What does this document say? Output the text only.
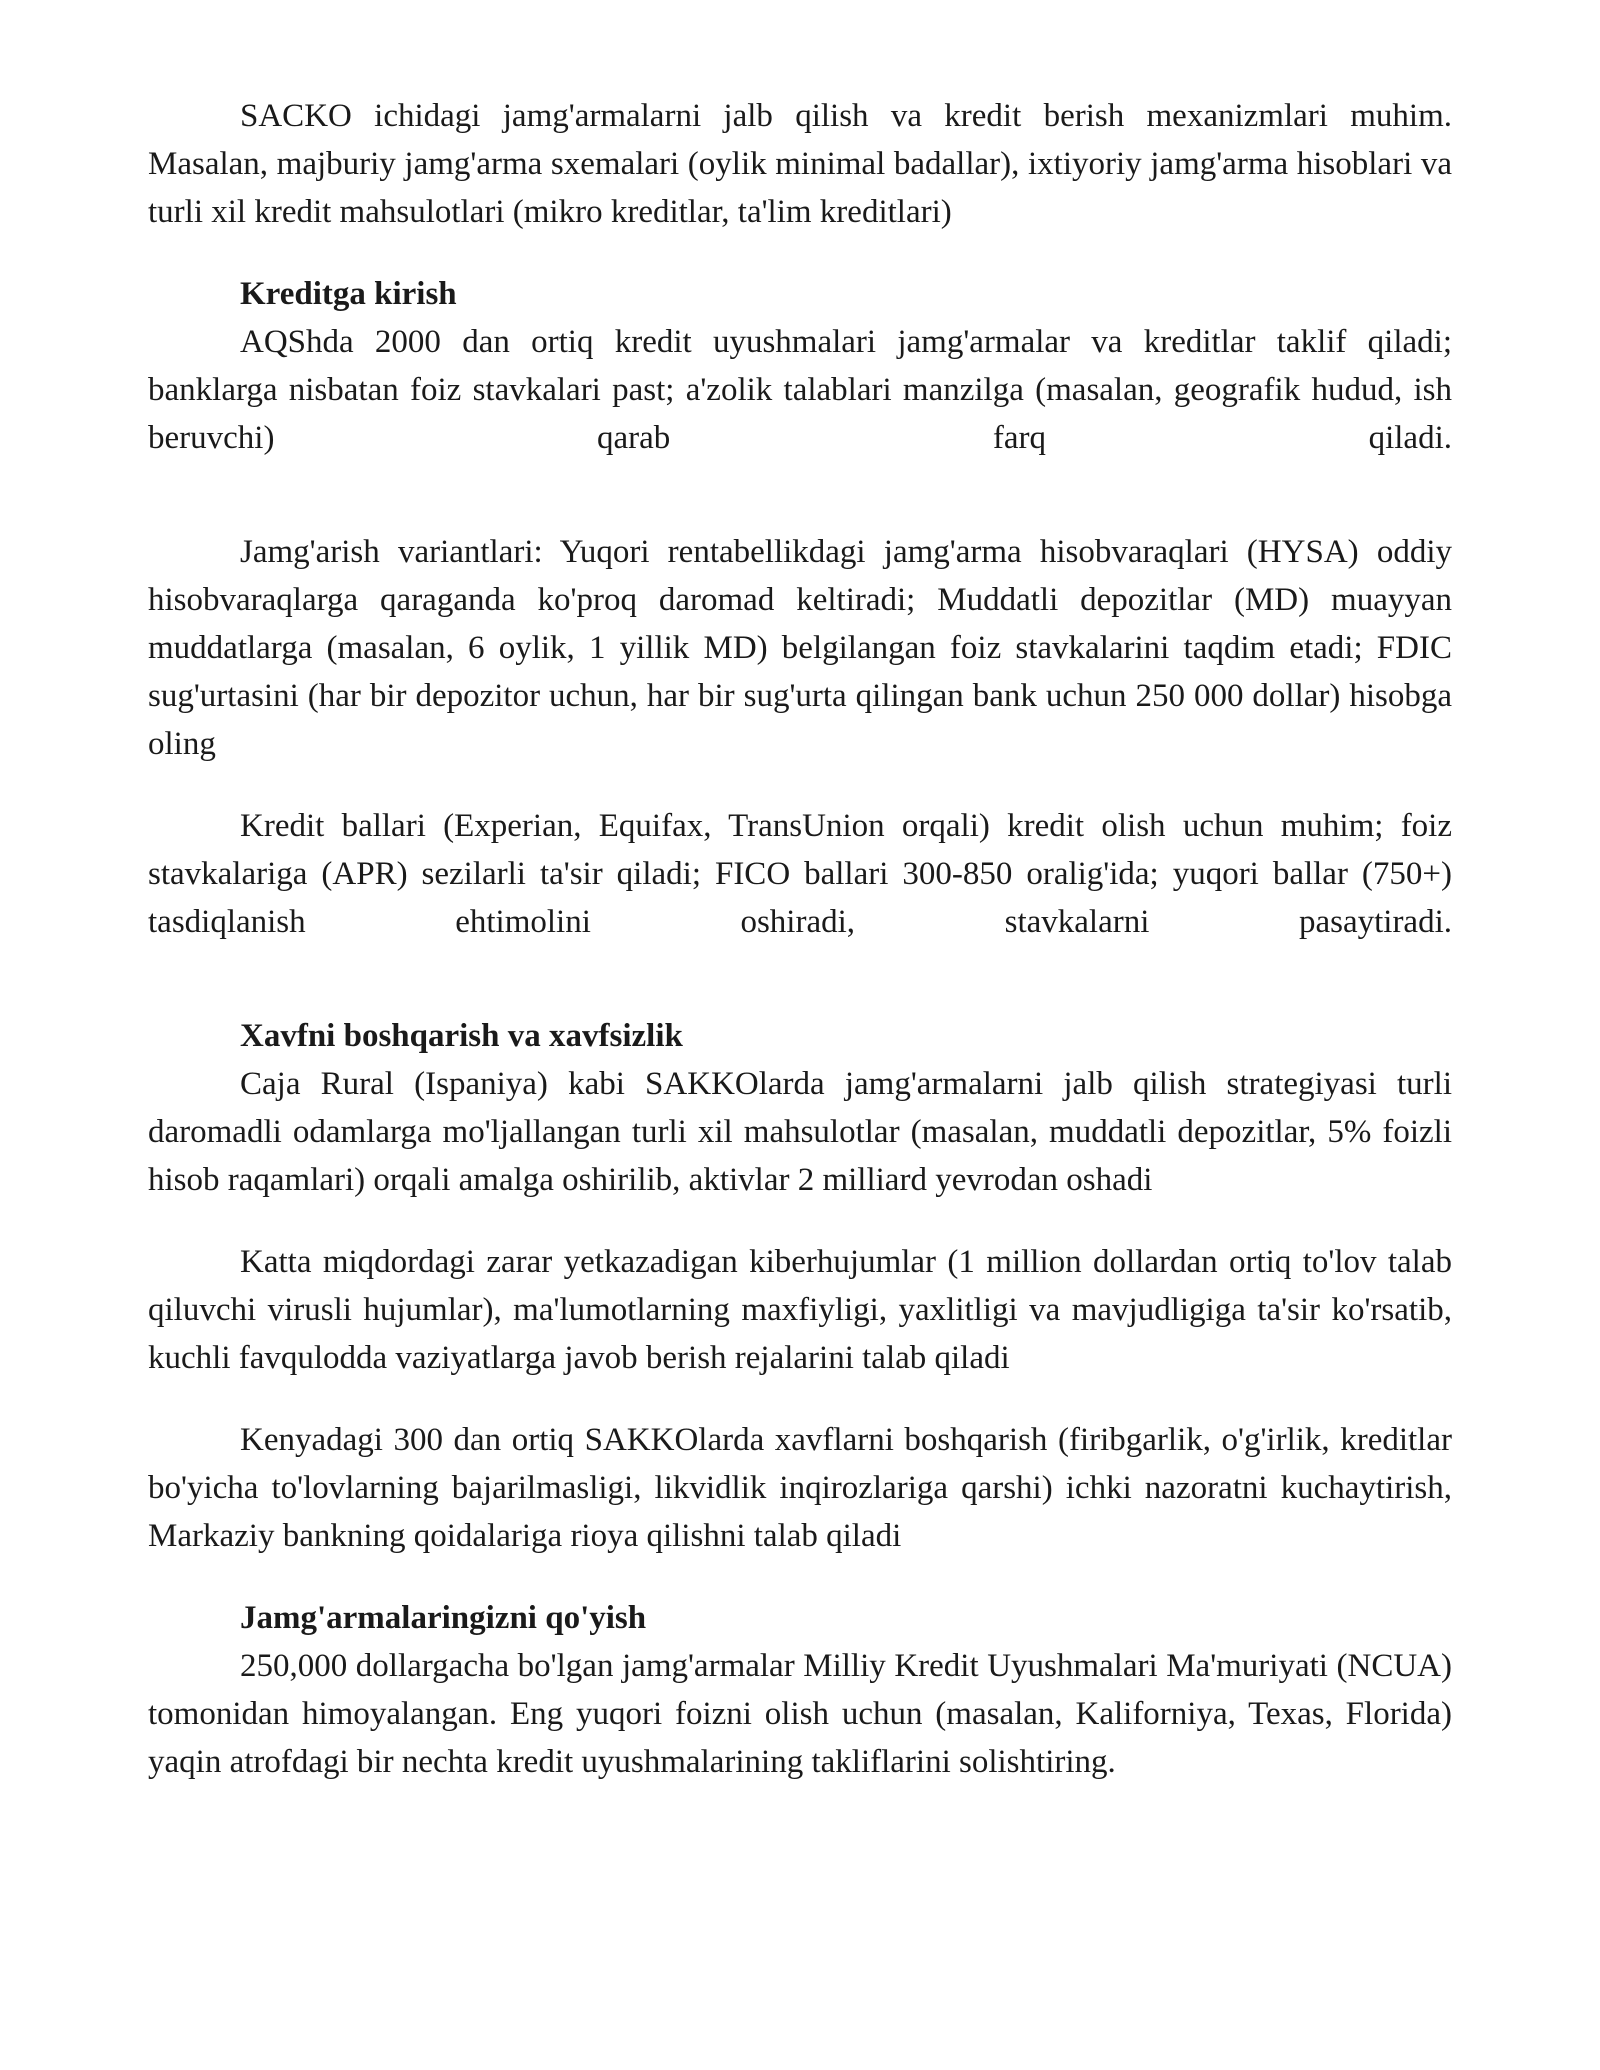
SACKO ichidagi jamg'armalarni jalb qilish va kredit berish mexanizmlari muhim. Masalan, majburiy jamg'arma sxemalari (oylik minimal badallar), ixtiyoriy jamg'arma hisoblari va turli xil kredit mahsulotlari (mikro kreditlar, ta'lim kreditlari)

Kreditga kirish

AQShda 2000 dan ortiq kredit uyushmalari jamg'armalar va kreditlar taklif qiladi; banklarga nisbatan foiz stavkalari past; a'zolik talablari manzilga (masalan, geografik hudud, ish beruvchi) qarab farq qiladi.

Jamg'arish variantlari: Yuqori rentabellikdagi jamg'arma hisobvaraqlari (HYSA) oddiy hisobvaraqlarga qaraganda ko'proq daromad keltiradi; Muddatli depozitlar (MD) muayyan muddatlarga (masalan, 6 oylik, 1 yillik MD) belgilangan foiz stavkalarini taqdim etadi; FDIC sug'urtasini (har bir depozitor uchun, har bir sug'urta qilingan bank uchun 250 000 dollar) hisobga oling

Kredit ballari (Experian, Equifax, TransUnion orqali) kredit olish uchun muhim; foiz stavkalariga (APR) sezilarli ta'sir qiladi; FICO ballari 300-850 oralig'ida; yuqori ballar (750+) tasdiqlanish ehtimolini oshiradi, stavkalarni pasaytiradi.

Xavfni boshqarish va xavfsizlik

Caja Rural (Ispaniya) kabi SAKKOlarda jamg'armalarni jalb qilish strategiyasi turli daromadli odamlarga mo'ljallangan turli xil mahsulotlar (masalan, muddatli depozitlar, 5% foizli hisob raqamlari) orqali amalga oshirilib, aktivlar 2 milliard yevrodan oshadi

Katta miqdordagi zarar yetkazadigan kiberhujumlar (1 million dollardan ortiq to'lov talab qiluvchi virusli hujumlar), ma'lumotlarning maxfiyligi, yaxlitligi va mavjudligiga ta'sir ko'rsatib, kuchli favqulodda vaziyatlarga javob berish rejalarini talab qiladi

Kenyadagi 300 dan ortiq SAKKOlarda xavflarni boshqarish (firibgarlik, o'g'irlik, kreditlar bo'yicha to'lovlarning bajarilmasligi, likvidlik inqirozlariga qarshi) ichki nazoratni kuchaytirish, Markaziy bankning qoidalariga rioya qilishni talab qiladi

Jamg'armalaringizni qo'yish

250,000 dollargacha bo'lgan jamg'armalar Milliy Kredit Uyushmalari Ma'muriyati (NCUA) tomonidan himoyalangan. Eng yuqori foizni olish uchun (masalan, Kaliforniya, Texas, Florida) yaqin atrofdagi bir nechta kredit uyushmalarining takliflarini solishtiring.
